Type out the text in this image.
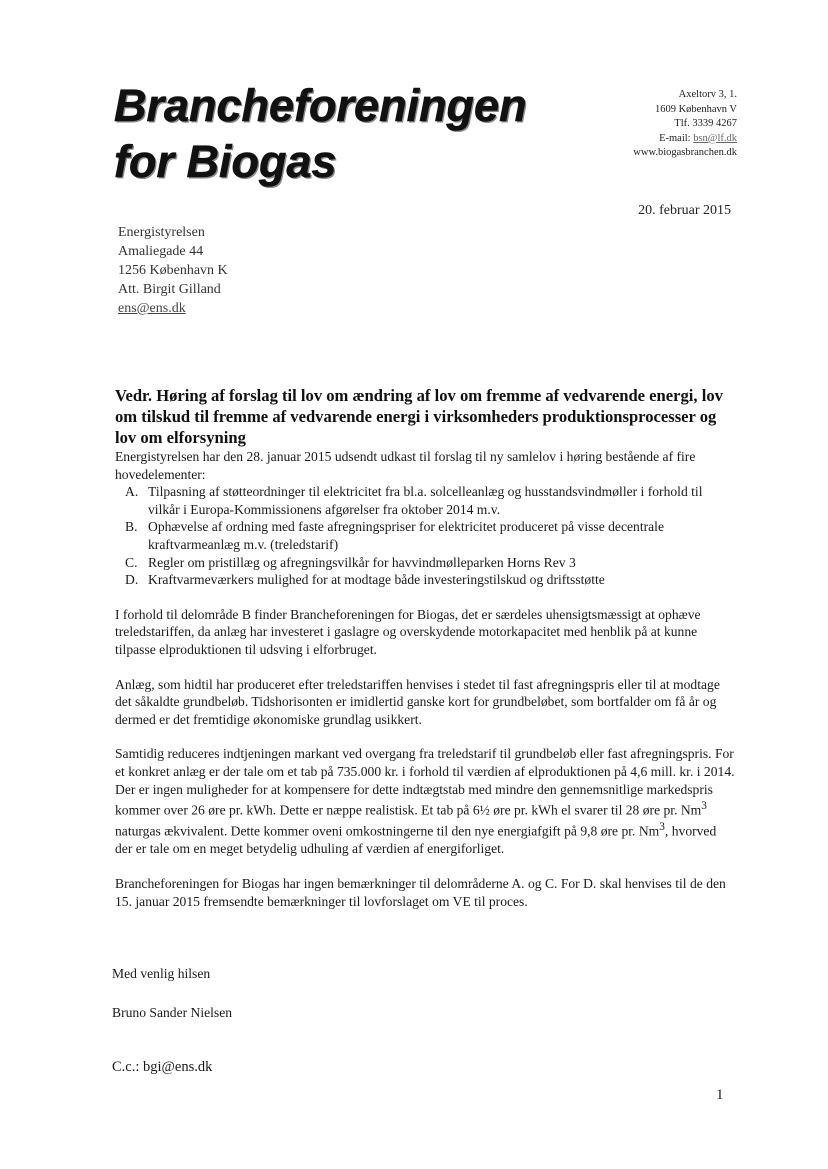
Brancheforeningen
for Biogas
Axeltorv 3, 1.
1609 København V
Tlf. 3339 4267
E-mail: bsn@lf.dk
www.biogasbranchen.dk
20. februar 2015
Energistyrelsen
Amaliegade 44
1256 København K
Att. Birgit Gilland
ens@ens.dk
Vedr. Høring af forslag til lov om ændring af lov om fremme af vedvarende energi, lov om tilskud til fremme af vedvarende energi i virksomheders produktionsprocesser og lov om elforsyning

Energistyrelsen har den 28. januar 2015 udsendt udkast til forslag til ny samlelov i høring bestående af fire hovedelementer:

A. Tilpasning af støtteordninger til elektricitet fra bl.a. solcelleanlæg og husstandsvindmøller i forhold til vilkår i Europa-Kommissionens afgørelser fra oktober 2014 m.v.
B. Ophævelse af ordning med faste afregningspriser for elektricitet produceret på visse decentrale kraftvarmeanlæg m.v. (treledstarif)
C. Regler om pristillæg og afregningsvilkår for havvindmølleparken Horns Rev 3
D. Kraftvarmeværkers mulighed for at modtage både investeringstilskud og driftsstøtte

I forhold til delområde B finder Brancheforeningen for Biogas, det er særdeles uhensigtsmæssigt at ophæve treledstariffen, da anlæg har investeret i gaslagre og overskydende motorkapacitet med henblik på at kunne tilpasse elproduktionen til udsving i elforbruget.

Anlæg, som hidtil har produceret efter treledstariffen henvises i stedet til fast afregningspris eller til at modtage det såkaldte grundbeløb. Tidshorisonten er imidlertid ganske kort for grundbeløbet, som bortfalder om få år og dermed er det fremtidige økonomiske grundlag usikkert.

Samtidig reduceres indtjeningen markant ved overgang fra treledstarif til grundbeløb eller fast afregningspris. For et konkret anlæg er der tale om et tab på 735.000 kr. i forhold til værdien af elproduktionen på 4,6 mill. kr. i 2014. Der er ingen muligheder for at kompensere for dette indtægtstab med mindre den gennemsnitlige markedspris kommer over 26 øre pr. kWh. Dette er næppe realistisk. Et tab på 6½ øre pr. kWh el svarer til 28 øre pr. Nm$^3$ naturgas ækvivalent. Dette kommer oveni omkostningerne til den nye energiafgift på 9,8 øre pr. Nm$^3$, hvorved der er tale om en meget betydelig udhuling af værdien af energiforliget.

Brancheforeningen for Biogas har ingen bemærkninger til delområderne A. og C. For D. skal henvises til de den 15. januar 2015 fremsendte bemærkninger til lovforslaget om VE til proces.

Med venlig hilsen
Bruno Sander Nielsen
C.c.: bgi@ens.dk
1
